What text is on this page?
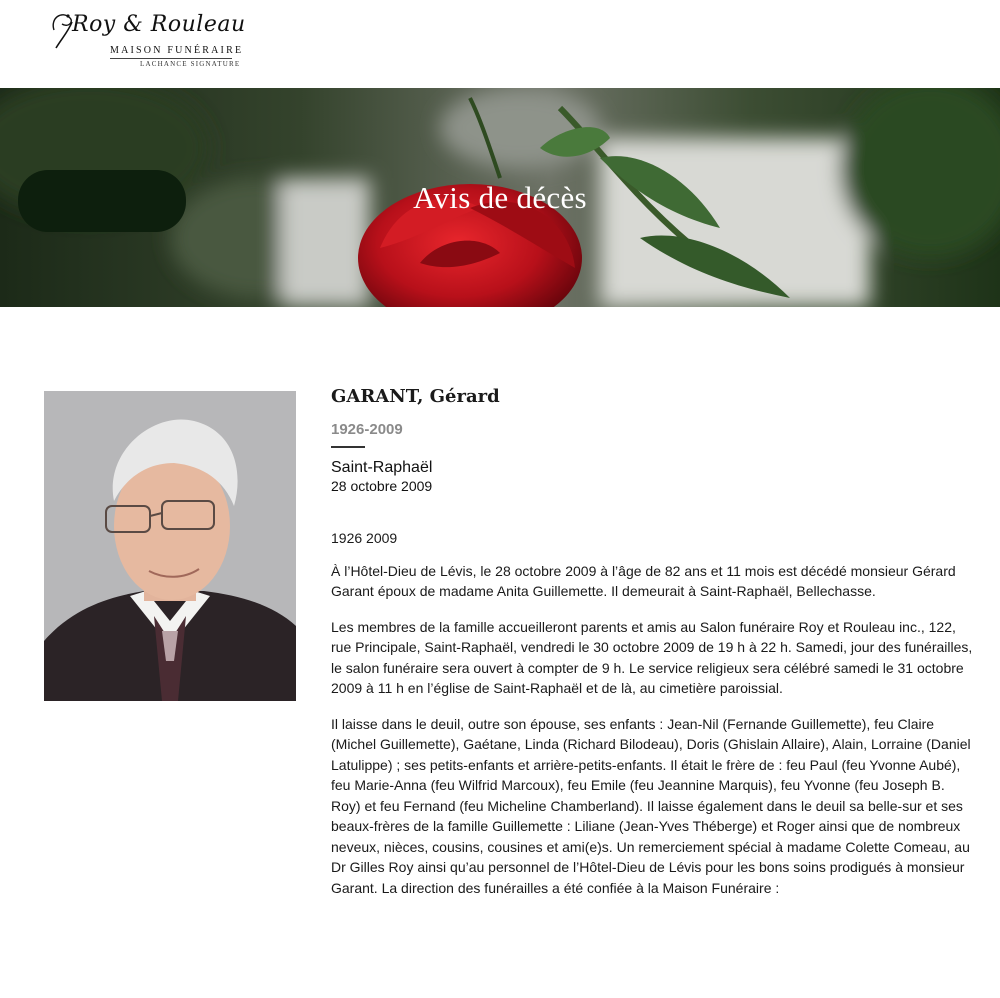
Roy & Rouleau
MAISON FUNÉRAIRE
LACHANCE SIGNATURE
Avis de décès
GARANT, Gérard
1926-2009
Saint-Raphaël
28 octobre 2009

1926 2009

À l’Hôtel-Dieu de Lévis, le 28 octobre 2009 à l’âge de 82 ans et 11 mois est décédé monsieur Gérard Garant époux de madame Anita Guillemette. Il demeurait à Saint-Raphaël, Bellechasse.

Les membres de la famille accueilleront parents et amis au Salon funéraire Roy et Rouleau inc., 122, rue Principale, Saint-Raphaël, vendredi le 30 octobre 2009 de 19 h à 22 h. Samedi, jour des funérailles, le salon funéraire sera ouvert à compter de 9 h. Le service religieux sera célébré samedi le 31 octobre 2009 à 11 h en l’église de Saint-Raphaël et de là, au cimetière paroissial.

Il laisse dans le deuil, outre son épouse, ses enfants : Jean-Nil (Fernande Guillemette), feu Claire (Michel Guillemette), Gaétane, Linda (Richard Bilodeau), Doris (Ghislain Allaire), Alain, Lorraine (Daniel Latulippe) ; ses petits-enfants et arrière-petits-enfants. Il était le frère de : feu Paul (feu Yvonne Aubé), feu Marie-Anna (feu Wilfrid Marcoux), feu Emile (feu Jeannine Marquis), feu Yvonne (feu Joseph B. Roy) et feu Fernand (feu Micheline Chamberland). Il laisse également dans le deuil sa belle-sur et ses beaux-frères de la famille Guillemette : Liliane (Jean-Yves Théberge) et Roger ainsi que de nombreux neveux, nièces, cousins, cousines et ami(e)s. Un remerciement spécial à madame Colette Comeau, au Dr Gilles Roy ainsi qu’au personnel de l’Hôtel-Dieu de Lévis pour les bons soins prodigués à monsieur Garant. La direction des funérailles a été confiée à la Maison Funéraire :
